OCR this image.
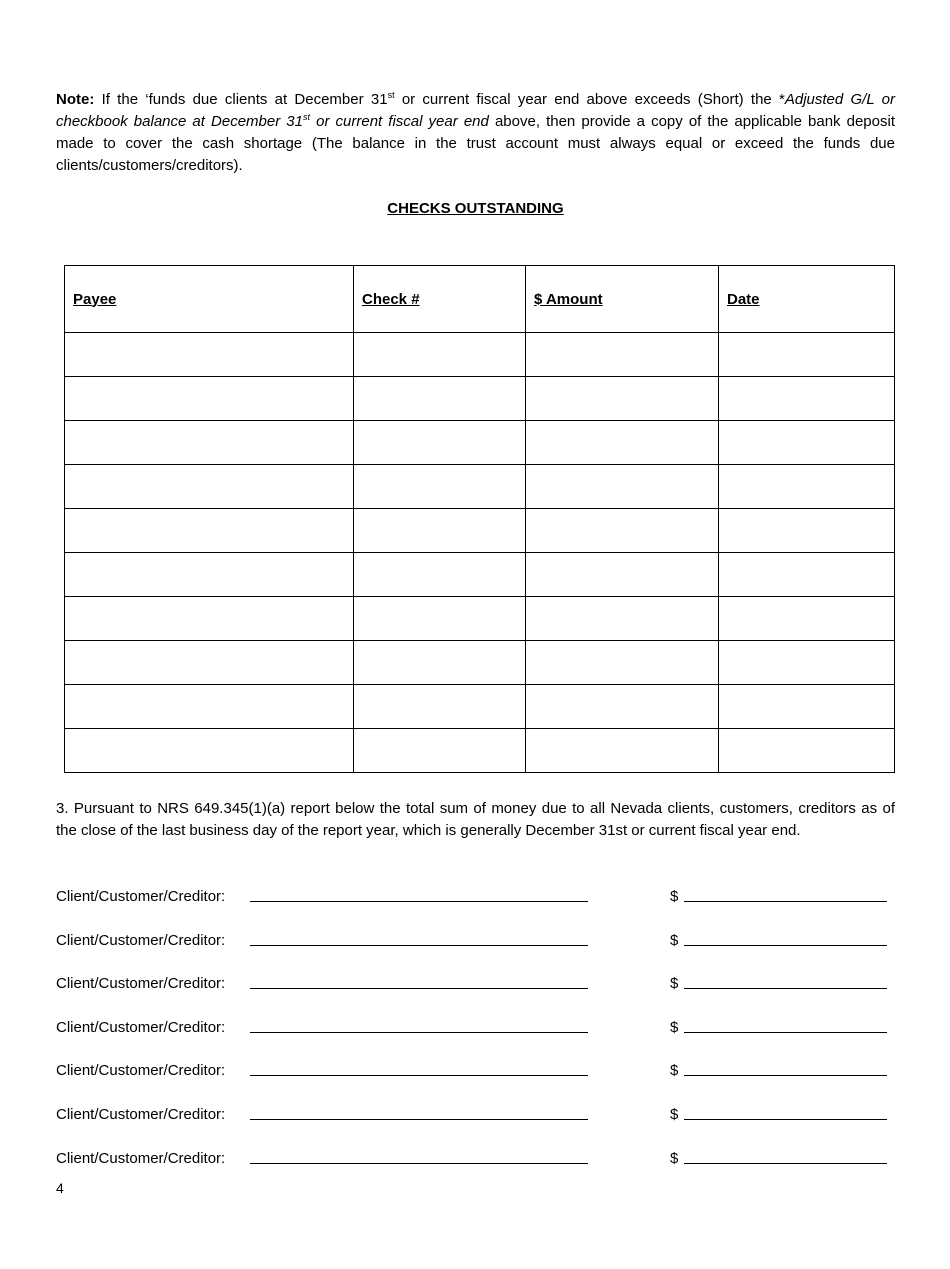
Note: If the ‘funds due clients at December 31st or current fiscal year end above exceeds (Short) the *Adjusted G/L or checkbook balance at December 31st or current fiscal year end above, then provide a copy of the applicable bank deposit made to cover the cash shortage (The balance in the trust account must always equal or exceed the funds due clients/customers/creditors).

CHECKS OUTSTANDING
Payee	Check #	$ Amount	Date

3. Pursuant to NRS 649.345(1)(a) report below the total sum of money due to all Nevada clients, customers, creditors as of the close of the last business day of the report year, which is generally December 31st or current fiscal year end.

Client/Customer/Creditor:	$
Client/Customer/Creditor:	$
Client/Customer/Creditor:	$
Client/Customer/Creditor:	$
Client/Customer/Creditor:	$
Client/Customer/Creditor:	$
Client/Customer/Creditor:	$
4
